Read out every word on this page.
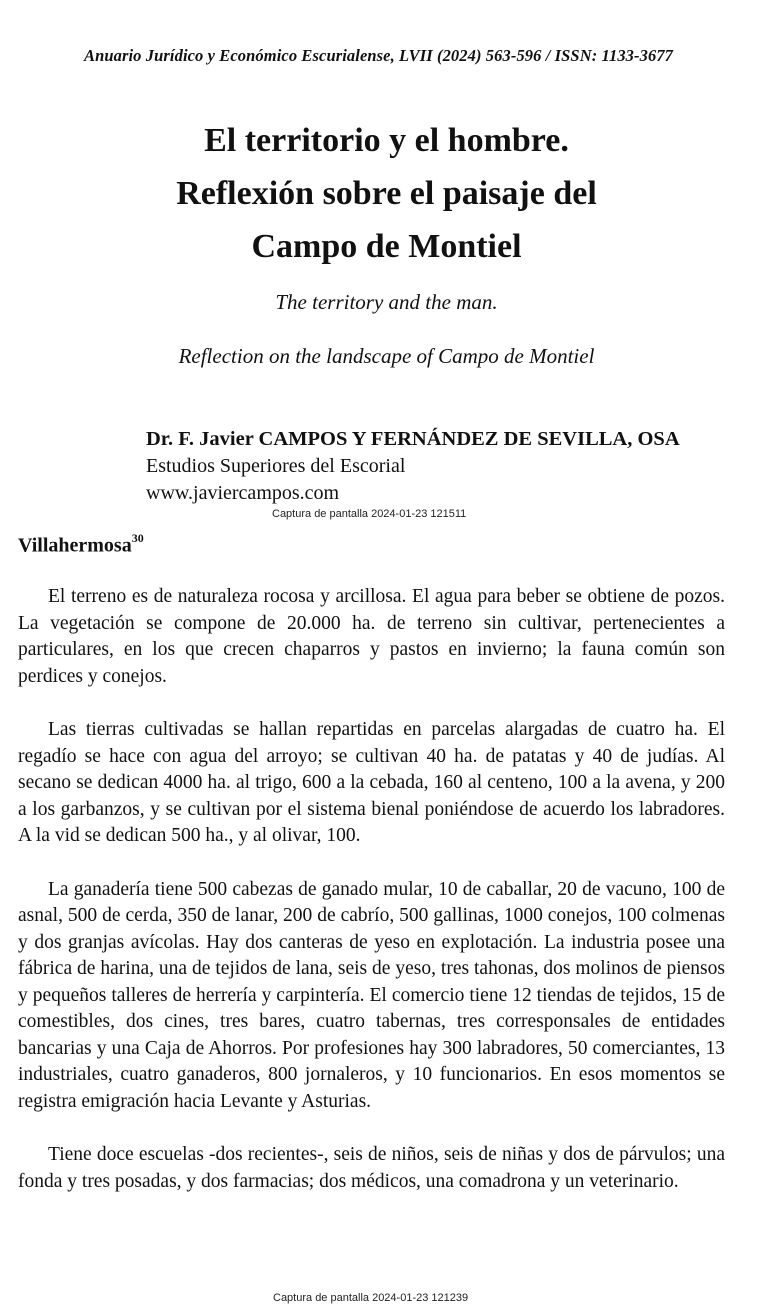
Anuario Jurídico y Económico Escurialense, LVII (2024) 563-596 / ISSN: 1133-3677
El territorio y el hombre.
Reflexión sobre el paisaje del
Campo de Montiel
The territory and the man.
Reflection on the landscape of Campo de Montiel
Dr. F. Javier CAMPOS Y FERNÁNDEZ DE SEVILLA, OSA
Estudios Superiores del Escorial
www.javiercampos.com
Captura de pantalla 2024-01-23 121511
Villahermosa$^{30}$

El terreno es de naturaleza rocosa y arcillosa. El agua para beber se obtiene de pozos. La vegetación se compone de 20.000 ha. de terreno sin cultivar, pertenecientes a particulares, en los que crecen chaparros y pastos en invierno; la fauna común son perdices y conejos.

Las tierras cultivadas se hallan repartidas en parcelas alargadas de cuatro ha. El regadío se hace con agua del arroyo; se cultivan 40 ha. de patatas y 40 de judías. Al secano se dedican 4000 ha. al trigo, 600 a la cebada, 160 al centeno, 100 a la avena, y 200 a los garbanzos, y se cultivan por el sistema bienal poniéndose de acuerdo los labradores. A la vid se dedican 500 ha., y al olivar, 100.

La ganadería tiene 500 cabezas de ganado mular, 10 de caballar, 20 de vacuno, 100 de asnal, 500 de cerda, 350 de lanar, 200 de cabrío, 500 gallinas, 1000 conejos, 100 colmenas y dos granjas avícolas. Hay dos canteras de yeso en explotación. La industria posee una fábrica de harina, una de tejidos de lana, seis de yeso, tres tahonas, dos molinos de piensos y pequeños talleres de herrería y carpintería. El comercio tiene 12 tiendas de tejidos, 15 de comestibles, dos cines, tres bares, cuatro tabernas, tres corresponsales de entidades bancarias y una Caja de Ahorros. Por profesiones hay 300 labradores, 50 comerciantes, 13 industriales, cuatro ganaderos, 800 jornaleros, y 10 funcionarios. En esos momentos se registra emigración hacia Levante y Asturias.

Tiene doce escuelas -dos recientes-, seis de niños, seis de niñas y dos de párvulos; una fonda y tres posadas, y dos farmacias; dos médicos, una comadrona y un veterinario.

Captura de pantalla 2024-01-23 121239
